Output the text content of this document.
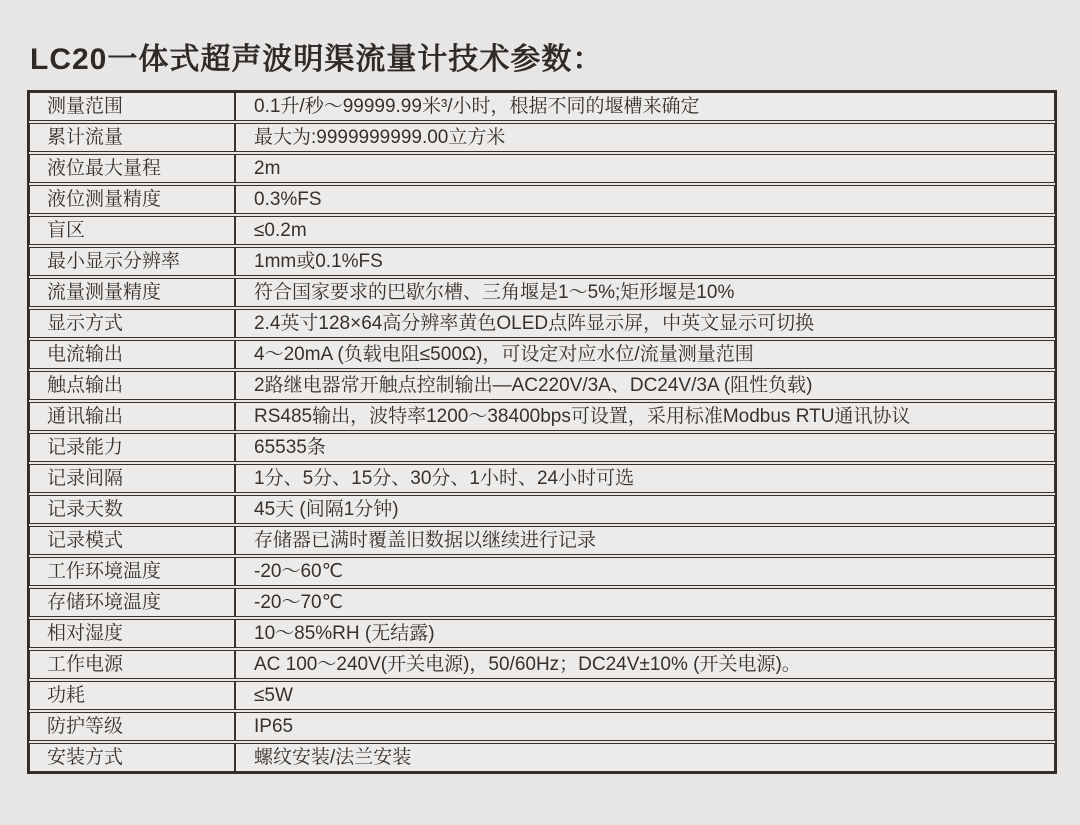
LC20一体式超声波明渠流量计技术参数：
测量范围	0.1升/秒～99999.99米³/小时，根据不同的堰槽来确定
累计流量	最大为:9999999999.00立方米
液位最大量程	2m
液位测量精度	0.3%FS
盲区	≤0.2m
最小显示分辨率	1mm或0.1%FS
流量测量精度	符合国家要求的巴歇尔槽、三角堰是1～5%;矩形堰是10%
显示方式	2.4英寸128×64高分辨率黄色OLED点阵显示屏，中英文显示可切换
电流输出	4～20mA (负载电阻≤500Ω)，可设定对应水位/流量测量范围
触点输出	2路继电器常开触点控制输出—AC220V/3A、DC24V/3A (阻性负载)
通讯输出	RS485输出，波特率1200～38400bps可设置，采用标准Modbus RTU通讯协议
记录能力	65535条
记录间隔	1分、5分、15分、30分、1小时、24小时可选
记录天数	45天 (间隔1分钟)
记录模式	存储器已满时覆盖旧数据以继续进行记录
工作环境温度	-20～60℃
存储环境温度	-20～70℃
相对湿度	10～85%RH (无结露)
工作电源	AC 100～240V(开关电源)，50/60Hz；DC24V±10% (开关电源)。
功耗	≤5W
防护等级	IP65
安装方式	螺纹安装/法兰安装
